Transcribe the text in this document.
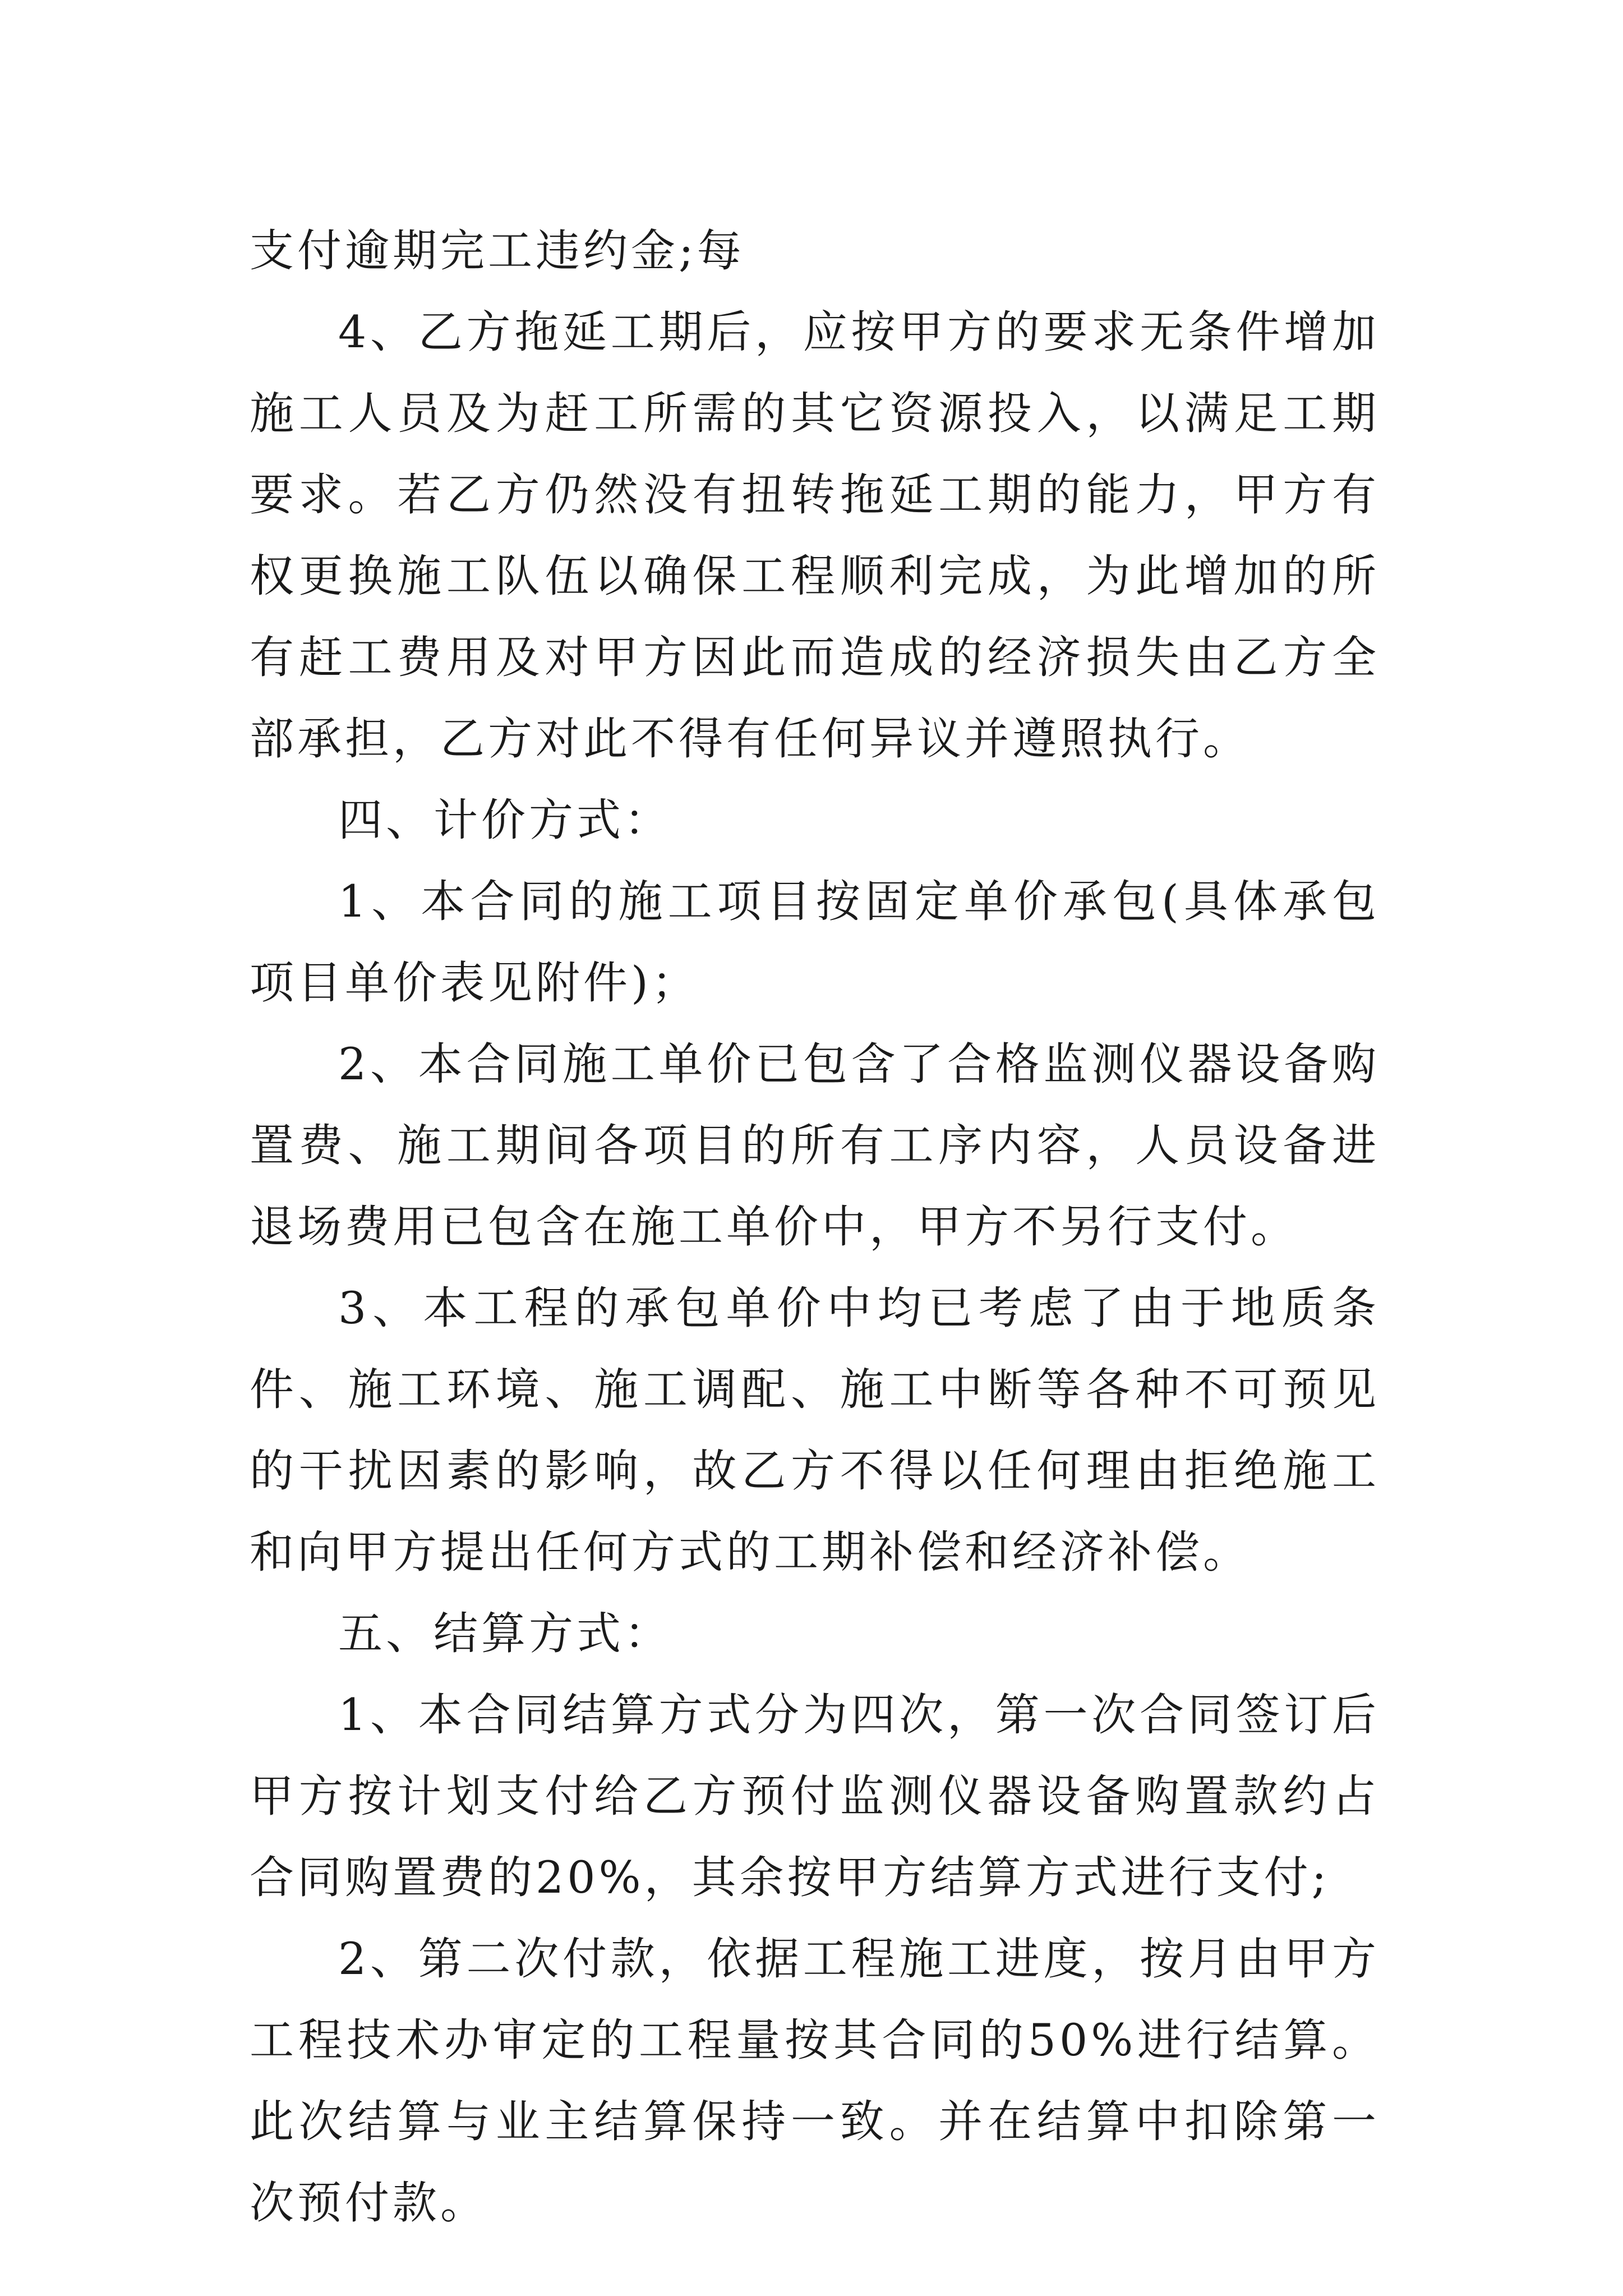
支付逾期完工违约金;每

4、乙方拖延工期后，应按甲方的要求无条件增加施工人员及为赶工所需的其它资源投入，以满足工期要求。若乙方仍然没有扭转拖延工期的能力，甲方有权更换施工队伍以确保工程顺利完成，为此增加的所有赶工费用及对甲方因此而造成的经济损失由乙方全部承担，乙方对此不得有任何异议并遵照执行。

四、计价方式：

1、本合同的施工项目按固定单价承包(具体承包项目单价表见附件)；

2、本合同施工单价已包含了合格监测仪器设备购置费、施工期间各项目的所有工序内容，人员设备进退场费用已包含在施工单价中，甲方不另行支付。

3、本工程的承包单价中均已考虑了由于地质条件、施工环境、施工调配、施工中断等各种不可预见的干扰因素的影响，故乙方不得以任何理由拒绝施工和向甲方提出任何方式的工期补偿和经济补偿。

五、结算方式：

1、本合同结算方式分为四次，第一次合同签订后甲方按计划支付给乙方预付监测仪器设备购置款约占合同购置费的20%，其余按甲方结算方式进行支付;

2、第二次付款，依据工程施工进度，按月由甲方工程技术办审定的工程量按其合同的50%进行结算。此次结算与业主结算保持一致。并在结算中扣除第一次预付款。
